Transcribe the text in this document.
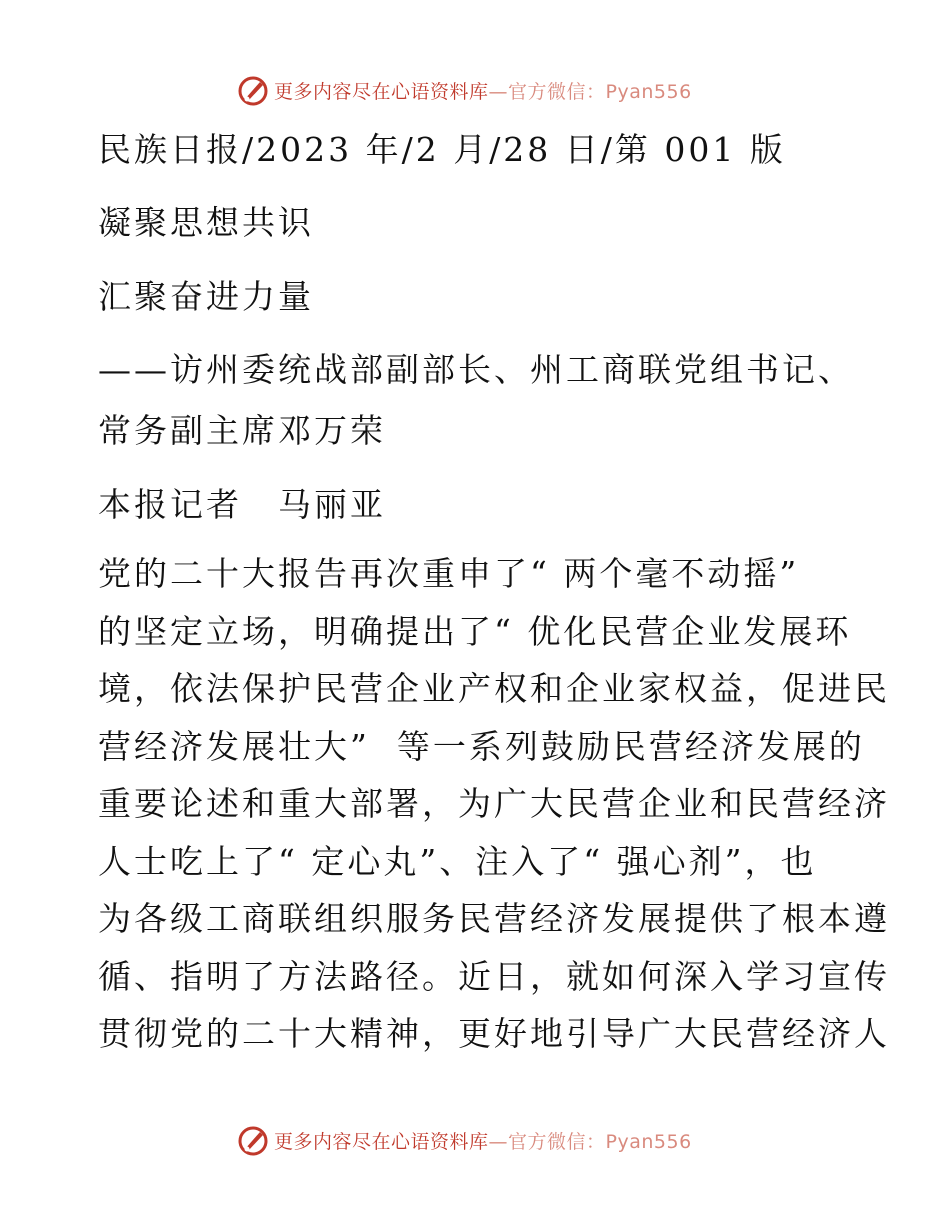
更多内容尽在心语资料库—官方微信：Pyan556
民族日报/2023 年/2 月/28 日/第 001 版
凝聚思想共识
汇聚奋进力量
——访州委统战部副部长、州工商联党组书记、
常务副主席邓万荣
本报记者　马丽亚
党的二十大报告再次重申了“ 两个毫不动摇”
的坚定立场，明确提出了“ 优化民营企业发展环
境，依法保护民营企业产权和企业家权益，促进民
营经济发展壮大”  等一系列鼓励民营经济发展的
重要论述和重大部署，为广大民营企业和民营经济
人士吃上了“ 定心丸”、注入了“ 强心剂”，也
为各级工商联组织服务民营经济发展提供了根本遵
循、指明了方法路径。近日，就如何深入学习宣传
贯彻党的二十大精神，更好地引导广大民营经济人
更多内容尽在心语资料库—官方微信：Pyan556
